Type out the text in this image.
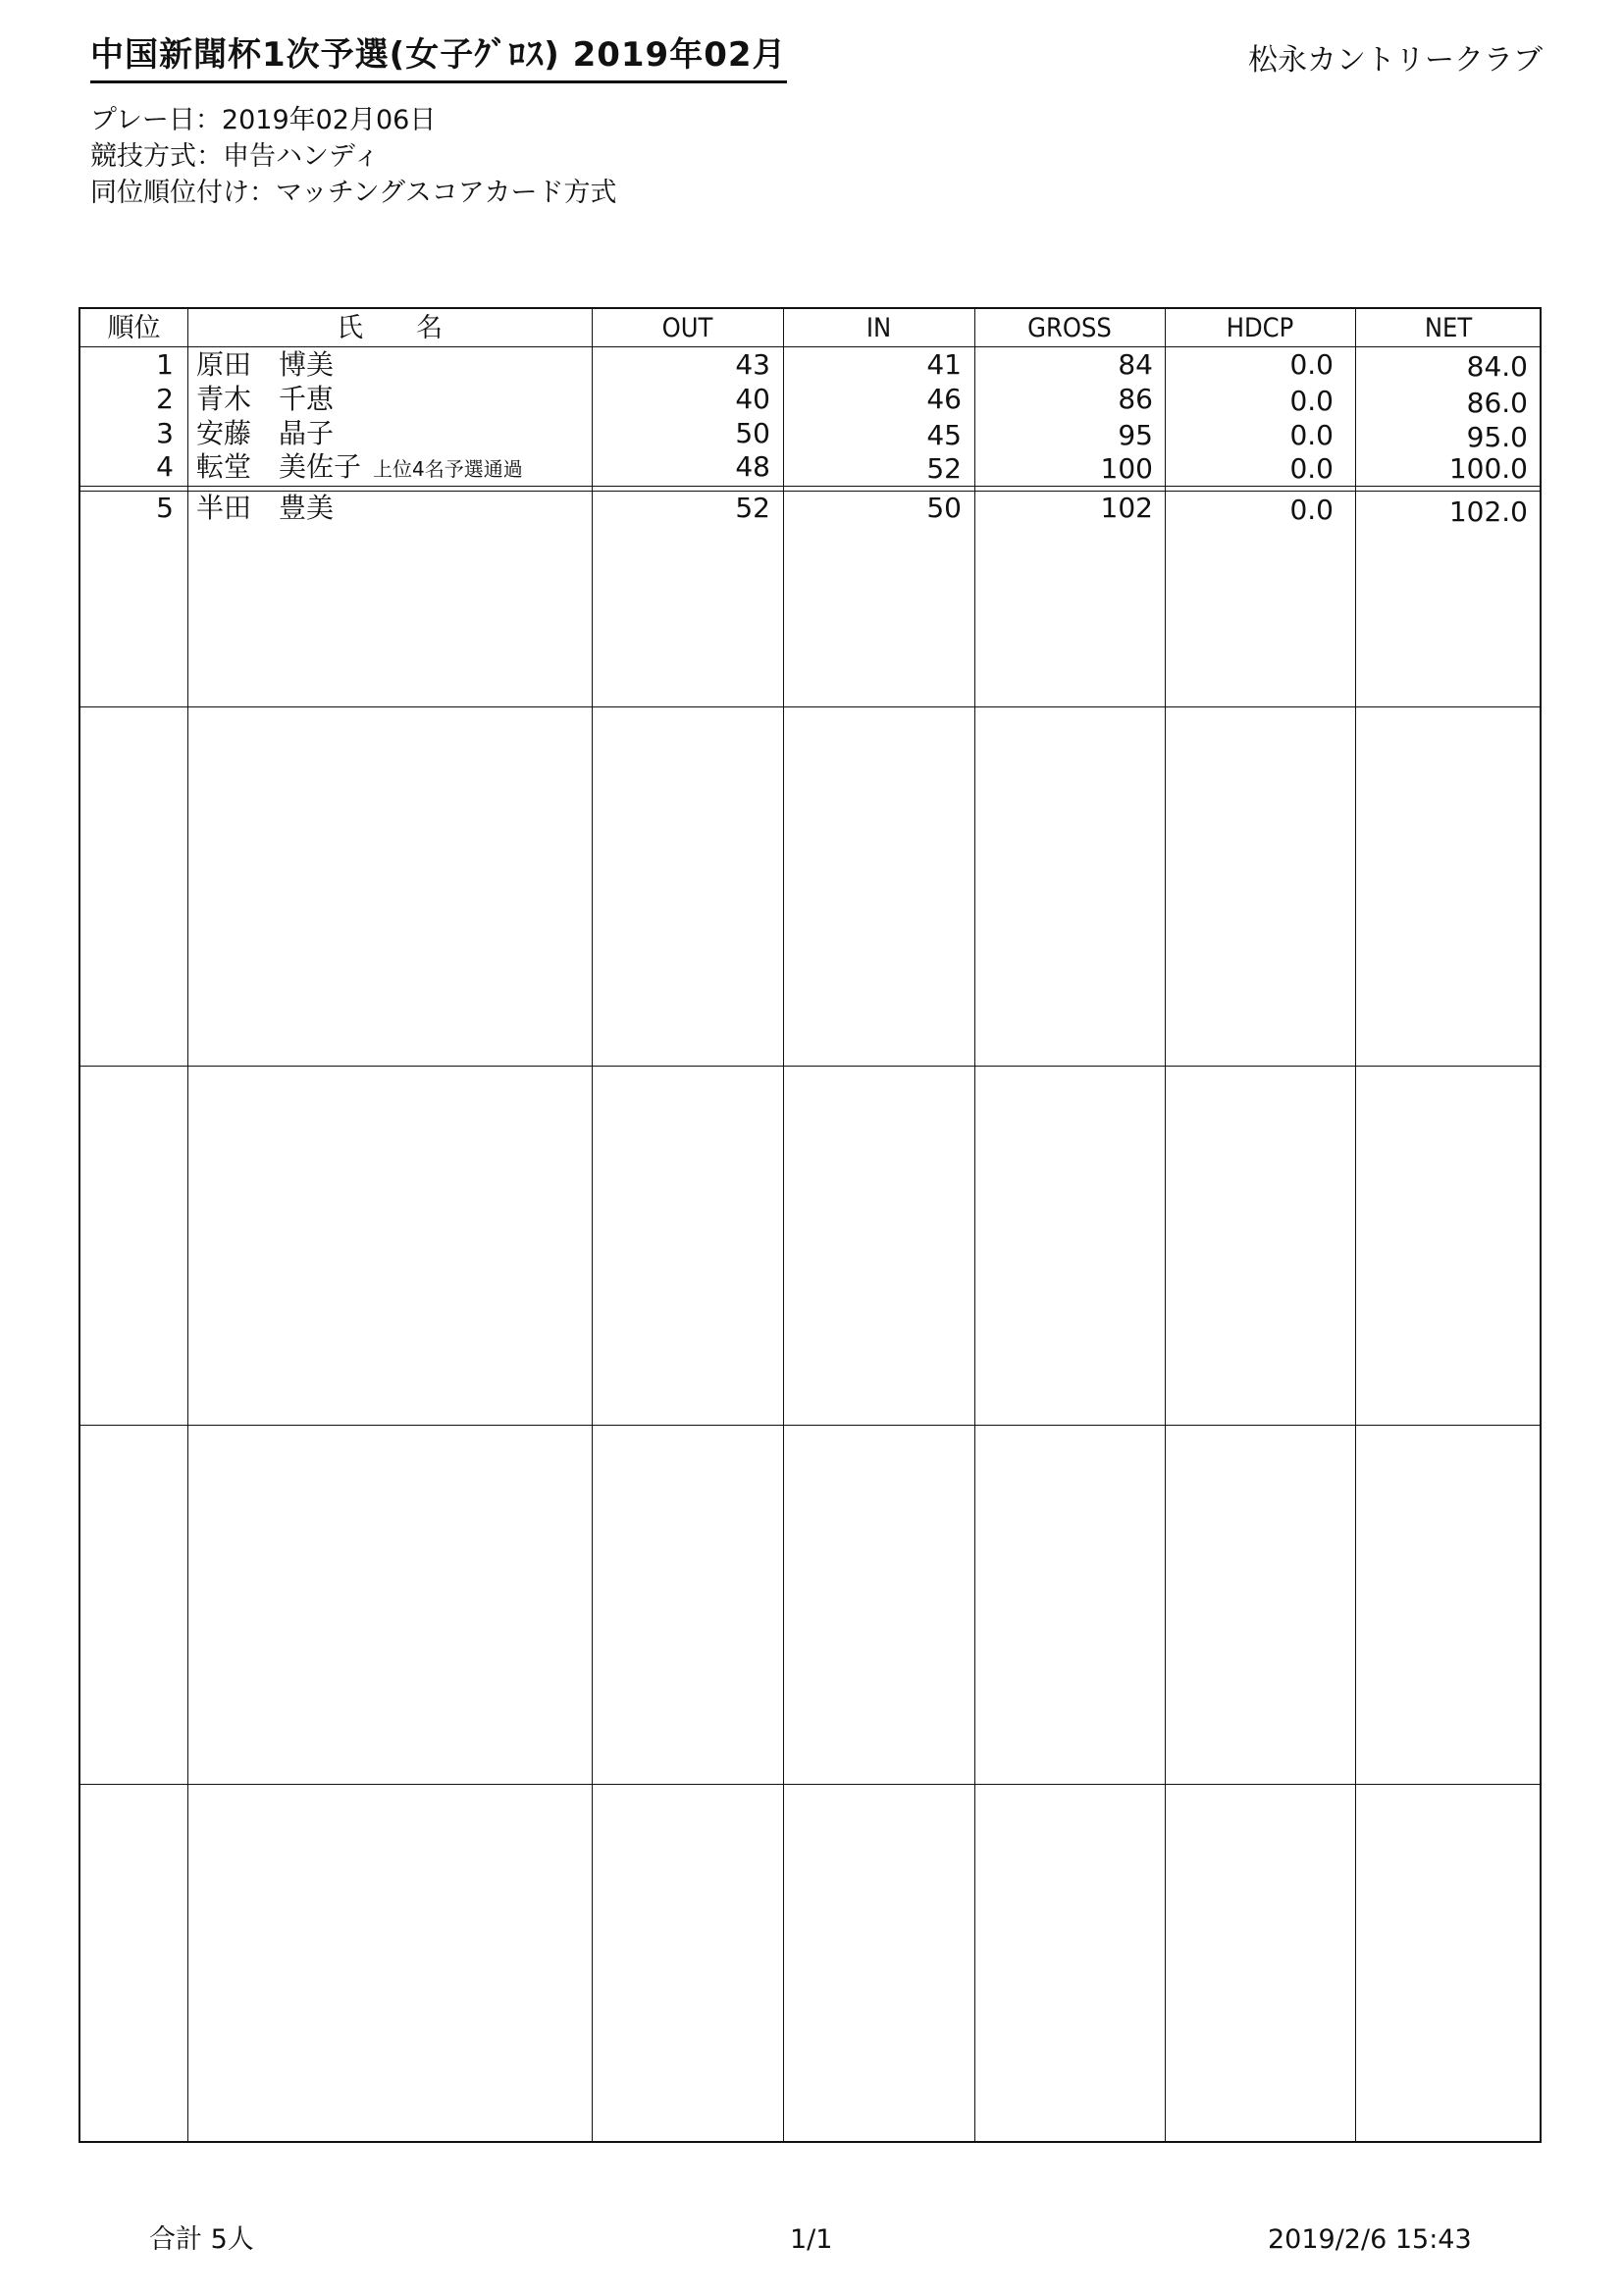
中国新聞杯1次予選(女子ｸﾞﾛｽ) 2019年02月	松永カントリークラブ
プレー日：2019年02月06日
競技方式：申告ハンディ
同位順位付け：マッチングスコアカード方式
順位	氏　　名	OUT	IN	GROSS	HDCP	NET
1 原田　博美	43	41	84	0.0	84.0
2 青木　千恵	40	46	86	0.0	86.0
3 安藤　晶子	50	45	95	0.0	95.0
4 転堂　美佐子 上位4名予選通過	48	52	100	0.0	100.0
5 半田　豊美	52	50	102	0.0	102.0
合計 5人	1/1	2019/2/6 15:43
